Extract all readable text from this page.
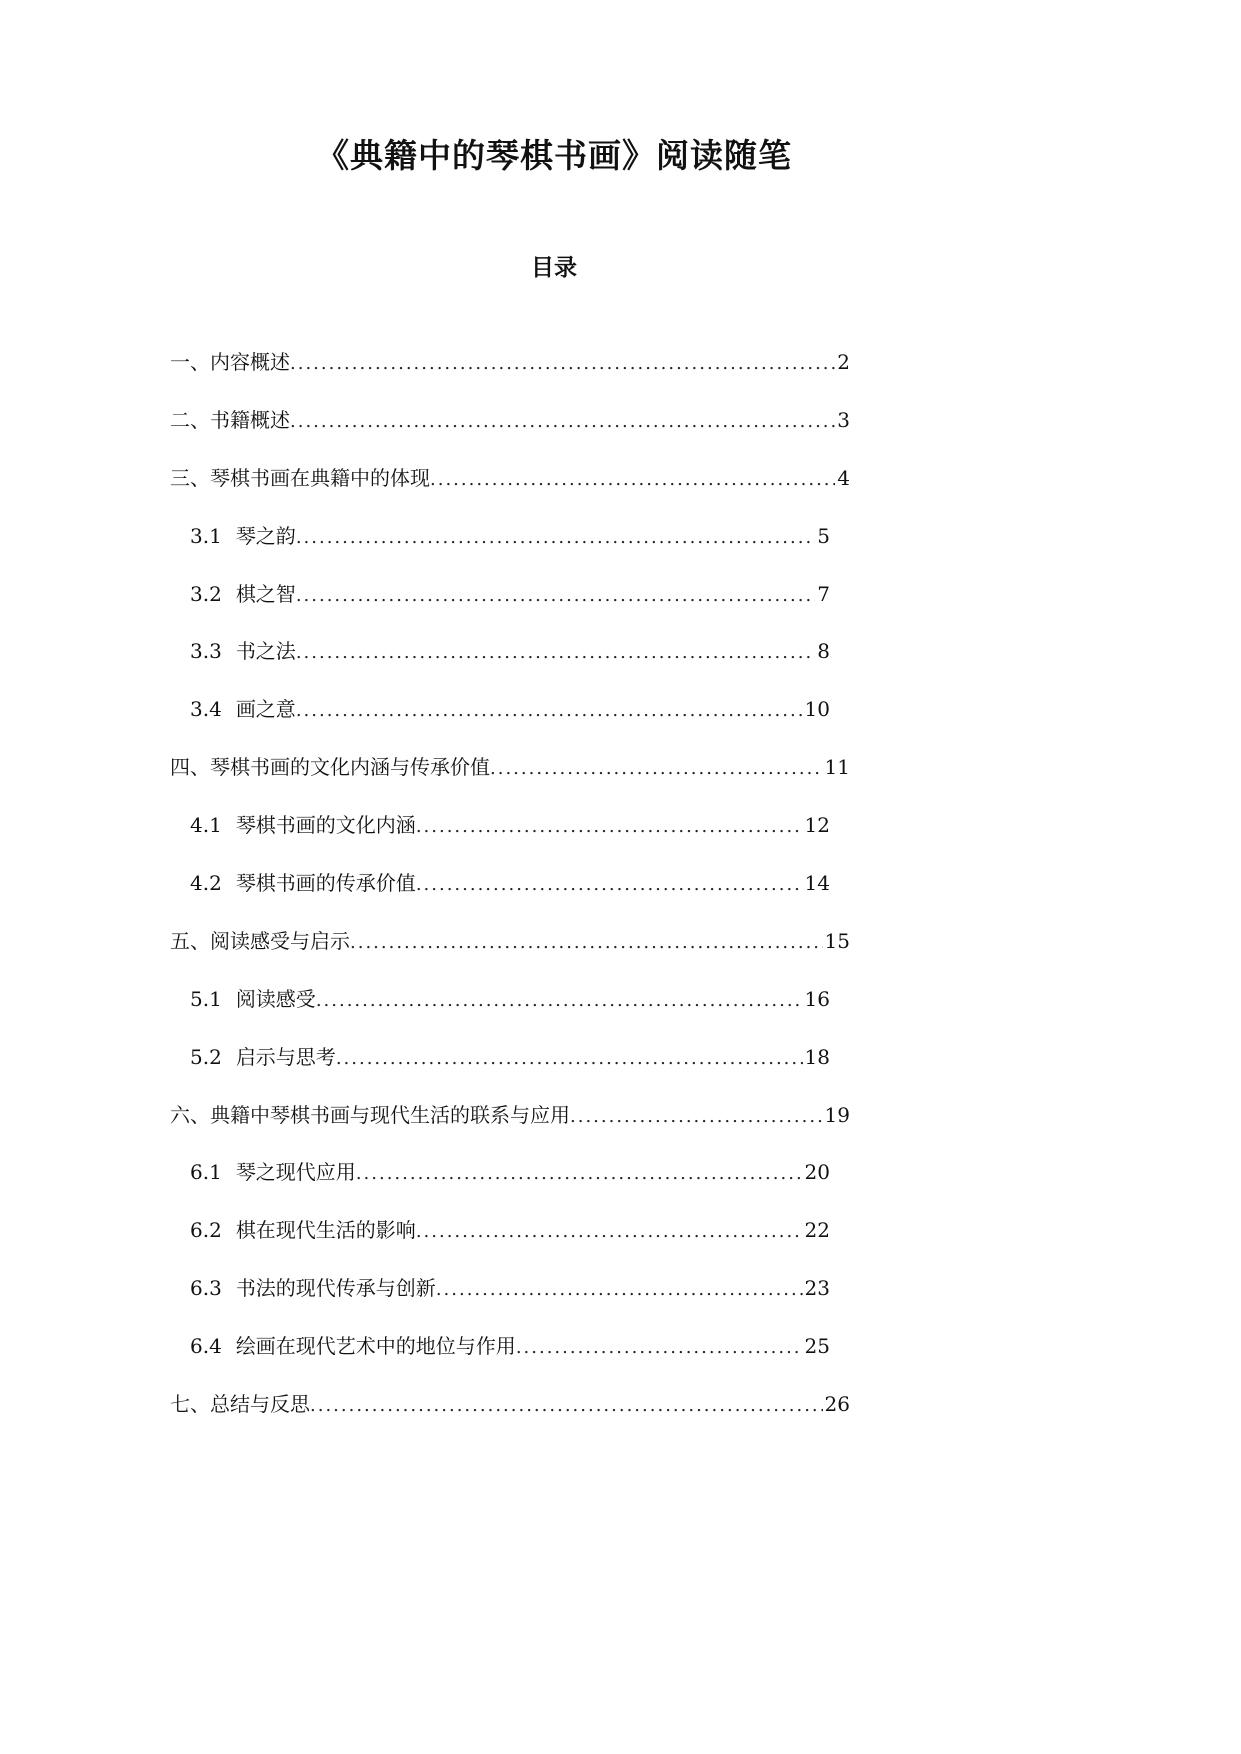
《典籍中的琴棋书画》阅读随笔
目录
一、内容概述 .....	2
二、书籍概述 .....	3
三、琴棋书画在典籍中的体现 .....	4
3.1 琴之韵 .....	5
3.2 棋之智 .....	7
3.3 书之法 .....	8
3.4 画之意 .....	10
四、琴棋书画的文化内涵与传承价值 .....	11
4.1 琴棋书画的文化内涵 .....	12
4.2 琴棋书画的传承价值 .....	14
五、阅读感受与启示 .....	15
5.1 阅读感受 .....	16
5.2 启示与思考 .....	18
六、典籍中琴棋书画与现代生活的联系与应用 .....	19
6.1 琴之现代应用 .....	20
6.2 棋在现代生活的影响 .....	22
6.3 书法的现代传承与创新 .....	23
6.4 绘画在现代艺术中的地位与作用 .....	25
七、总结与反思 .....	26
